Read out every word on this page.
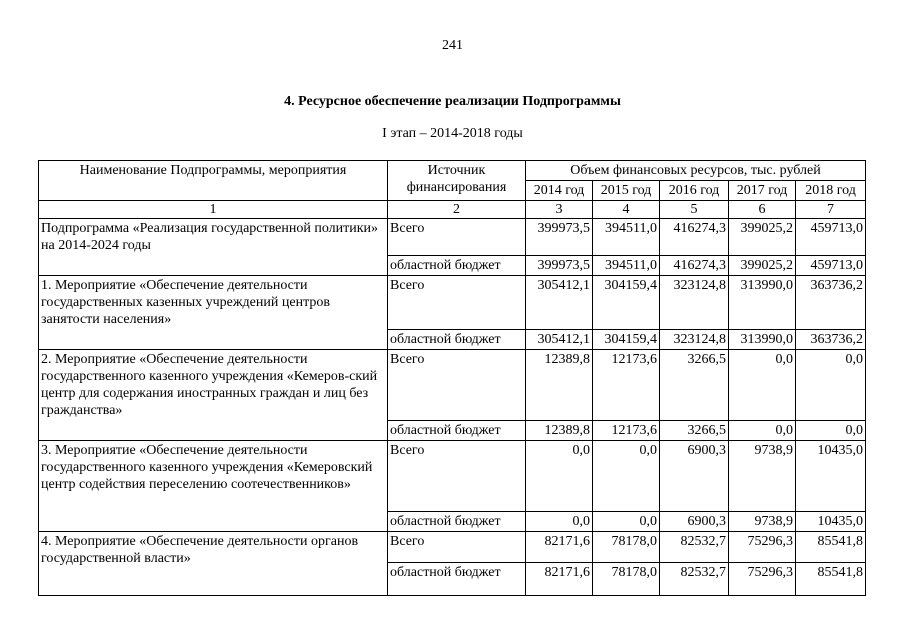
241
4. Ресурсное обеспечение реализации Подпрограммы
I этап – 2014-2018 годы
Наименование Подпрограммы, мероприятия	Источник финансирования	Объем финансовых ресурсов, тыс. рублей				
		2014 год	2015 год	2016 год	2017 год	2018 год
1	2	3	4	5	6	7
Подпрограмма «Реализация государственной политики» на 2014-2024 годы	Всего	399973,5	394511,0	416274,3	399025,2	459713,0
	областной бюджет	399973,5	394511,0	416274,3	399025,2	459713,0
1. Мероприятие «Обеспечение деятельности государственных казенных учреждений центров занятости населения»	Всего	305412,1	304159,4	323124,8	313990,0	363736,2
	областной бюджет	305412,1	304159,4	323124,8	313990,0	363736,2
2. Мероприятие «Обеспечение деятельности государственного казенного учреждения «Кемеров-ский центр для содержания иностранных граждан и лиц без гражданства»	Всего	12389,8	12173,6	3266,5	0,0	0,0
	областной бюджет	12389,8	12173,6	3266,5	0,0	0,0
3. Мероприятие «Обеспечение деятельности государственного казенного учреждения «Кемеровский центр содействия переселению соотечественников»	Всего	0,0	0,0	6900,3	9738,9	10435,0
	областной бюджет	0,0	0,0	6900,3	9738,9	10435,0
4. Мероприятие «Обеспечение деятельности органов государственной власти»	Всего	82171,6	78178,0	82532,7	75296,3	85541,8
	областной бюджет	82171,6	78178,0	82532,7	75296,3	85541,8
